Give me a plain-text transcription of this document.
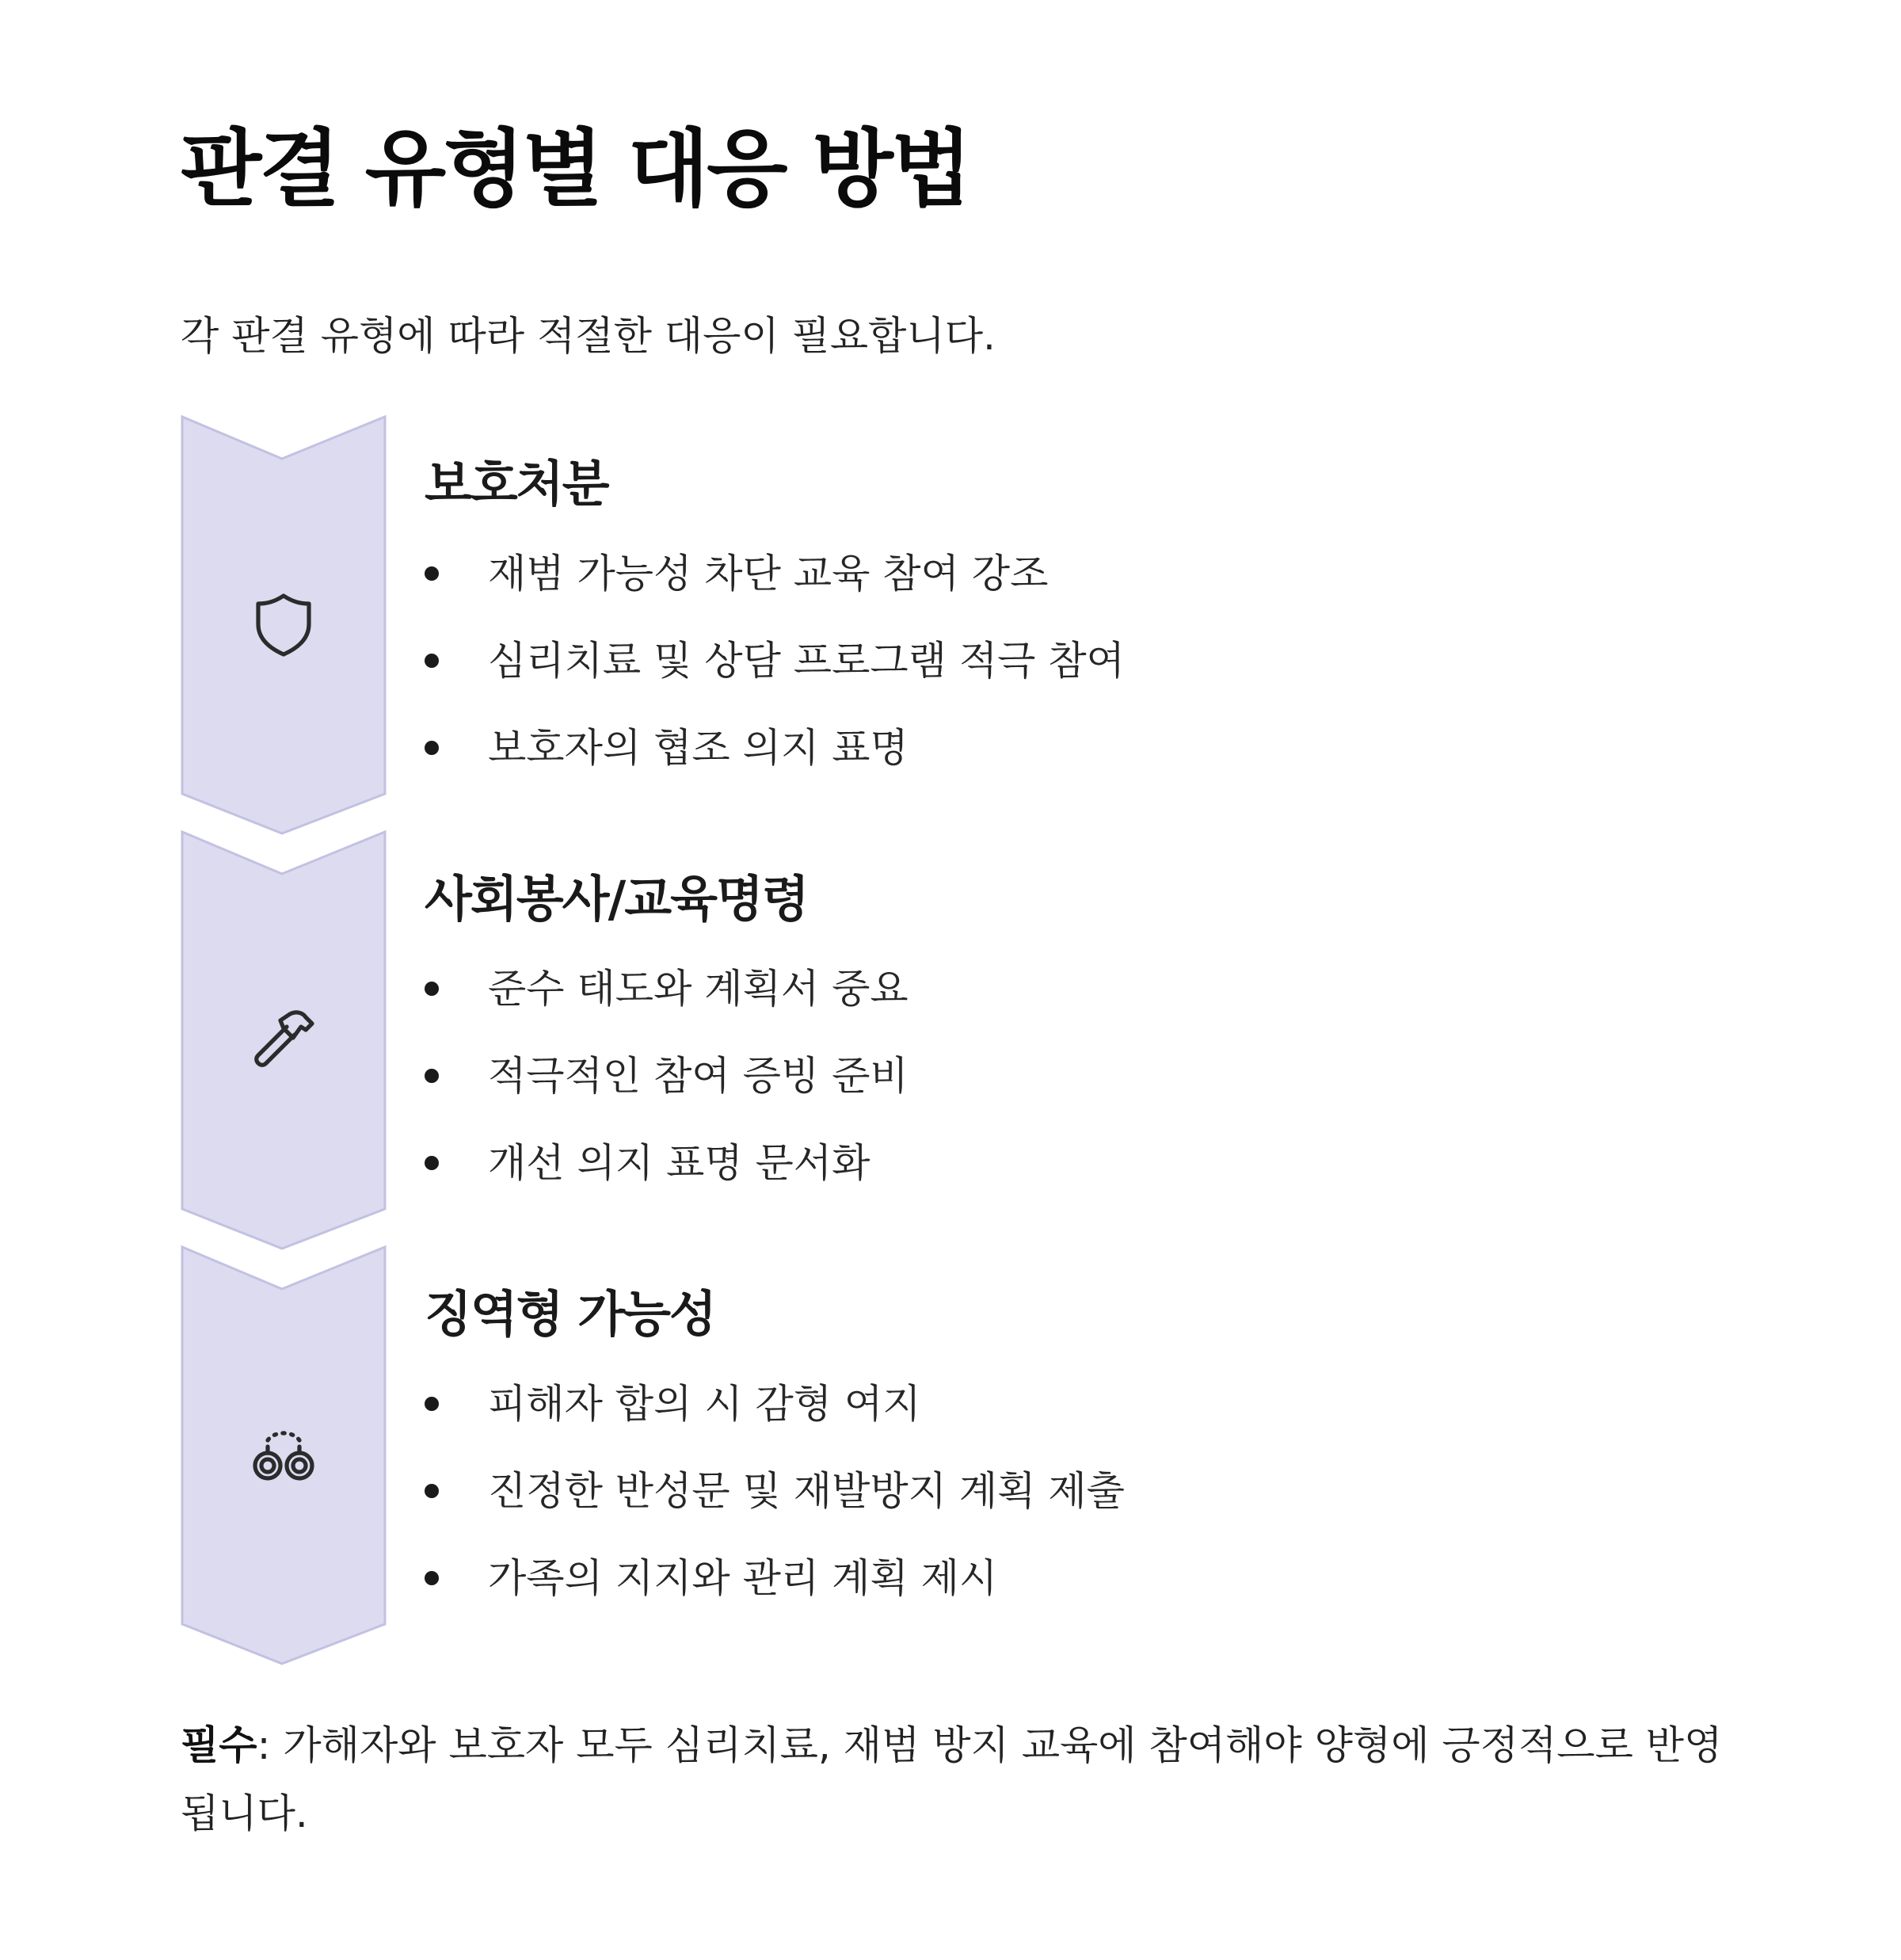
판결 유형별 대응 방법

각 판결 유형에 따라 적절한 대응이 필요합니다.

보호처분
재범 가능성 차단 교육 참여 강조
심리치료 및 상담 프로그램 적극 참여
보호자의 협조 의지 표명
사회봉사/교육명령
준수 태도와 계획서 중요
적극적인 참여 증빙 준비
개선 의지 표명 문서화
징역형 가능성
피해자 합의 시 감형 여지
진정한 반성문 및 재발방지 계획 제출
가족의 지지와 관리 계획 제시

필수: 가해자와 보호자 모두 심리치료, 재범 방지 교육에 참여해야 양형에 긍정적으로 반영됩니다.
